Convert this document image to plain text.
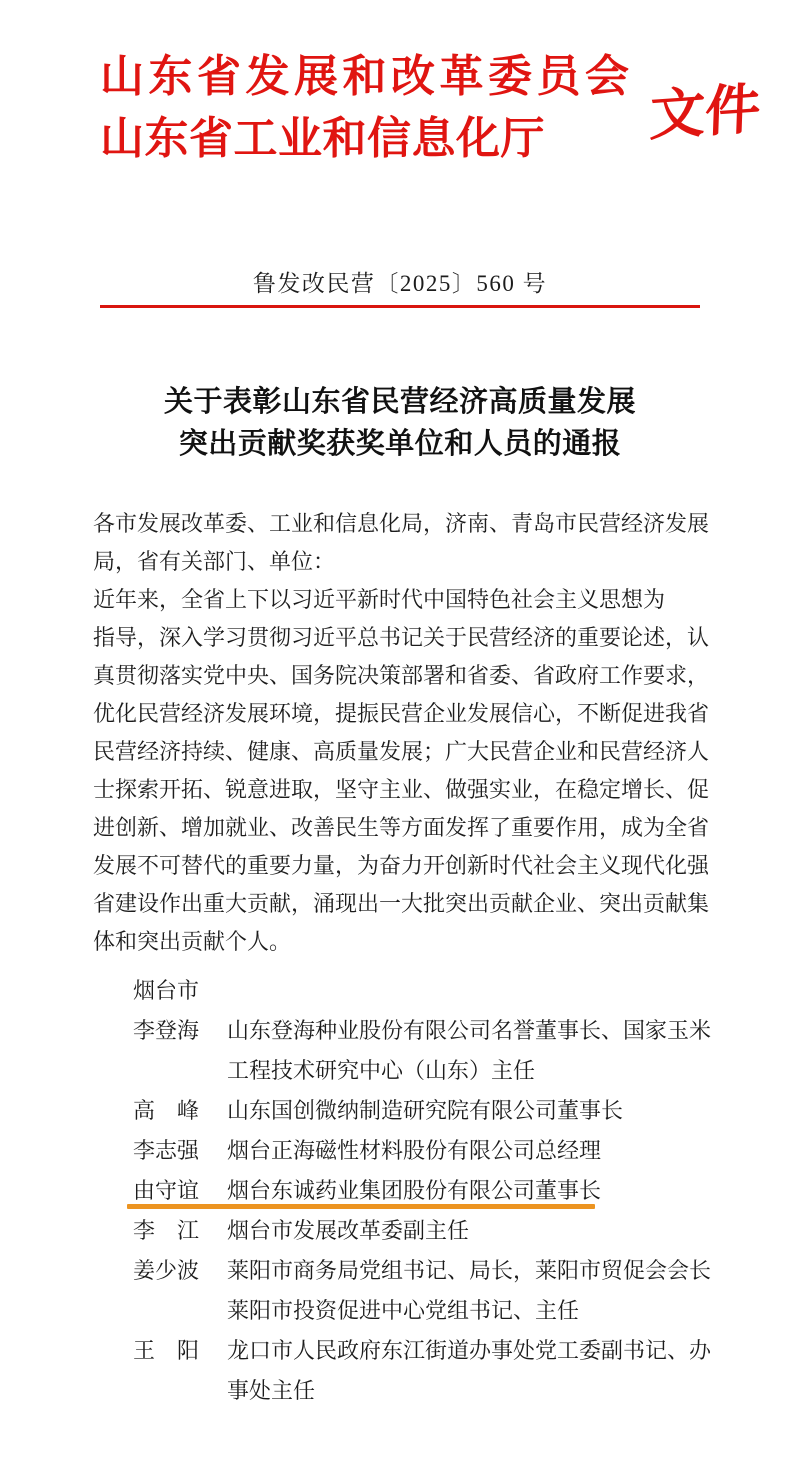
山东省发展和改革委员会
山东省工业和信息化厅	文件
鲁发改民营〔2025〕560 号
关于表彰山东省民营经济高质量发展
突出贡献奖获奖单位和人员的通报
各市发展改革委、工业和信息化局，济南、青岛市民营经济发展
局，省有关部门、单位：
近年来，全省上下以习近平新时代中国特色社会主义思想为
指导，深入学习贯彻习近平总书记关于民营经济的重要论述，认
真贯彻落实党中央、国务院决策部署和省委、省政府工作要求，
优化民营经济发展环境，提振民营企业发展信心，不断促进我省
民营经济持续、健康、高质量发展；广大民营企业和民营经济人
士探索开拓、锐意进取，坚守主业、做强实业，在稳定增长、促
进创新、增加就业、改善民生等方面发挥了重要作用，成为全省
发展不可替代的重要力量，为奋力开创新时代社会主义现代化强
省建设作出重大贡献，涌现出一大批突出贡献企业、突出贡献集
体和突出贡献个人。
烟台市
李登海 山东登海种业股份有限公司名誉董事长、国家玉米
工程技术研究中心（山东）主任
高　峰 山东国创微纳制造研究院有限公司董事长
李志强 烟台正海磁性材料股份有限公司总经理
由守谊 烟台东诚药业集团股份有限公司董事长
李　江 烟台市发展改革委副主任
姜少波 莱阳市商务局党组书记、局长，莱阳市贸促会会长
莱阳市投资促进中心党组书记、主任
王　阳 龙口市人民政府东江街道办事处党工委副书记、办
事处主任
